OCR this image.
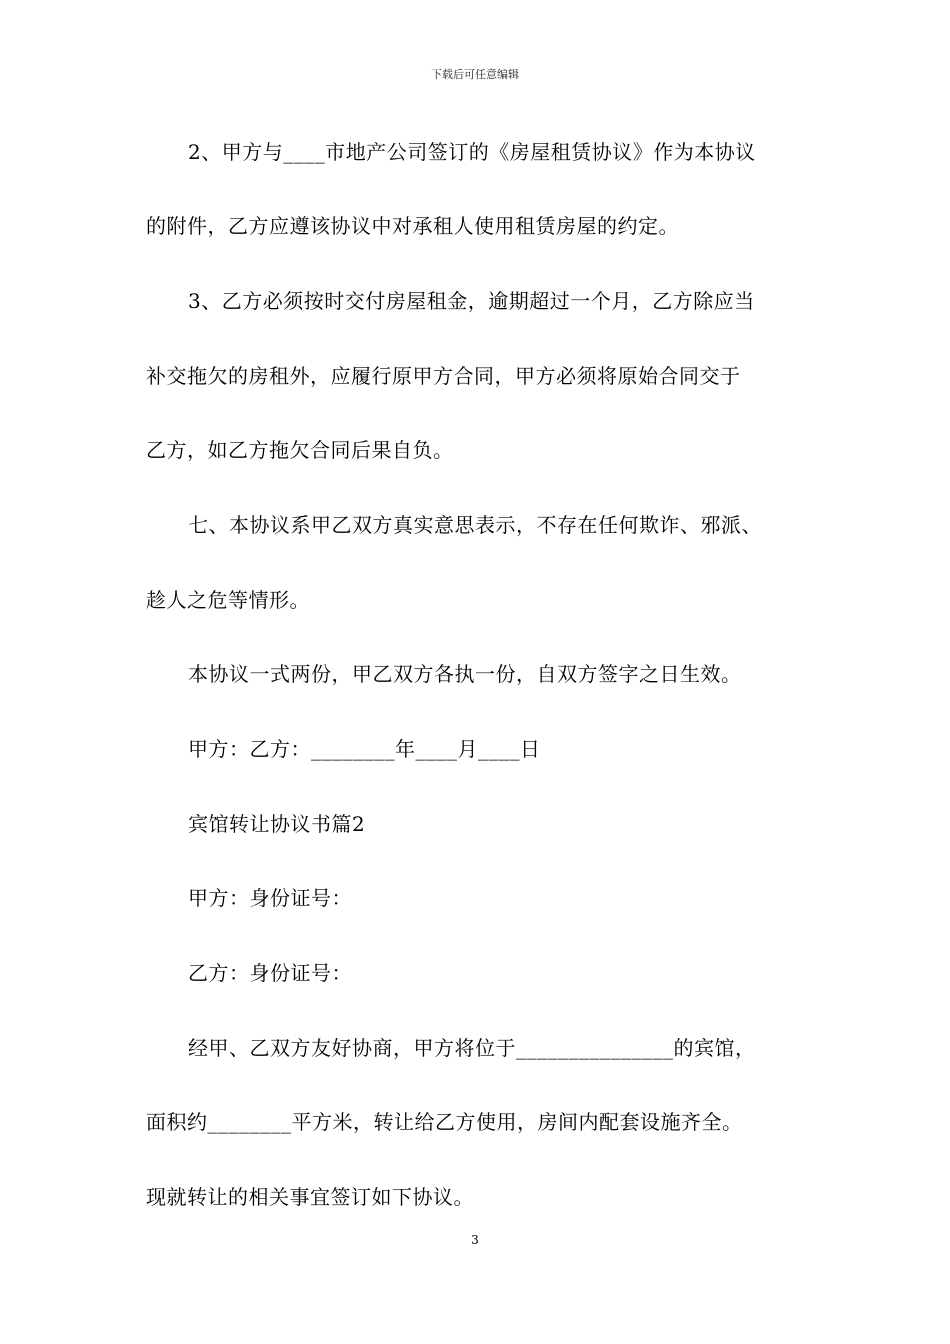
下载后可任意编辑
2、甲方与____市地产公司签订的《房屋租赁协议》作为本协议
的附件，乙方应遵该协议中对承租人使用租赁房屋的约定。
3、乙方必须按时交付房屋租金，逾期超过一个月，乙方除应当
补交拖欠的房租外，应履行原甲方合同，甲方必须将原始合同交于
乙方，如乙方拖欠合同后果自负。
七、本协议系甲乙双方真实意思表示，不存在任何欺诈、邪派、
趁人之危等情形。
本协议一式两份，甲乙双方各执一份，自双方签字之日生效。
甲方：乙方：________年____月____日
宾馆转让协议书篇2
甲方：身份证号：
乙方：身份证号：
经甲、乙双方友好协商，甲方将位于_______________的宾馆，
面积约________平方米，转让给乙方使用，房间内配套设施齐全。
现就转让的相关事宜签订如下协议。
3
